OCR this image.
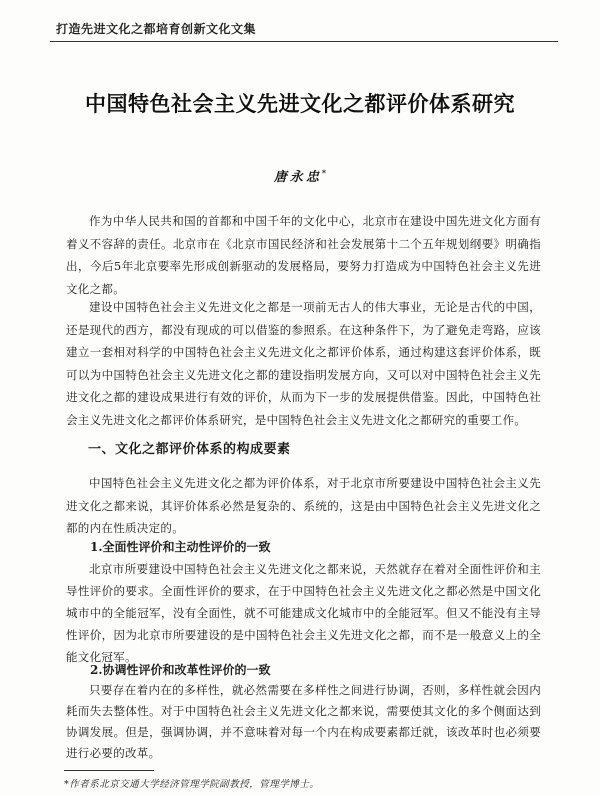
打造先进文化之都培育创新文化文集
中国特色社会主义先进文化之都评价体系研究
唐永忠*

作为中华人民共和国的首都和中国千年的文化中心，北京市在建设中国先进文化方面有着义不容辞的责任。北京市在《北京市国民经济和社会发展第十二个五年规划纲要》明确指出，今后5年北京要率先形成创新驱动的发展格局，要努力打造成为中国特色社会主义先进文化之都。

建设中国特色社会主义先进文化之都是一项前无古人的伟大事业，无论是古代的中国，还是现代的西方，都没有现成的可以借鉴的参照系。在这种条件下，为了避免走弯路，应该建立一套相对科学的中国特色社会主义先进文化之都评价体系，通过构建这套评价体系，既可以为中国特色社会主义先进文化之都的建设指明发展方向，又可以对中国特色社会主义先进文化之都的建设成果进行有效的评价，从而为下一步的发展提供借鉴。因此，中国特色社会主义先进文化之都评价体系研究，是中国特色社会主义先进文化之都研究的重要工作。

一、文化之都评价体系的构成要素

中国特色社会主义先进文化之都为评价体系，对于北京市所要建设中国特色社会主义先进文化之都来说，其评价体系必然是复杂的、系统的，这是由中国特色社会主义先进文化之都的内在性质决定的。

1.全面性评价和主动性评价的一致

北京市所要建设中国特色社会主义先进文化之都来说，天然就存在着对全面性评价和主导性评价的要求。全面性评价的要求，在于中国特色社会主义先进文化之都必然是中国文化城市中的全能冠军，没有全面性，就不可能建成文化城市中的全能冠军。但又不能没有主导性评价，因为北京市所要建设的是中国特色社会主义先进文化之都，而不是一般意义上的全能文化冠军。

2.协调性评价和改革性评价的一致

只要存在着内在的多样性，就必然需要在多样性之间进行协调，否则，多样性就会因内耗而失去整体性。对于中国特色社会主义先进文化之都来说，需要使其文化的多个侧面达到协调发展。但是，强调协调，并不意味着对每一个内在构成要素都迁就，该改革时也必须要进行必要的改革。

*作者系北京交通大学经济管理学院副教授，管理学博士。
